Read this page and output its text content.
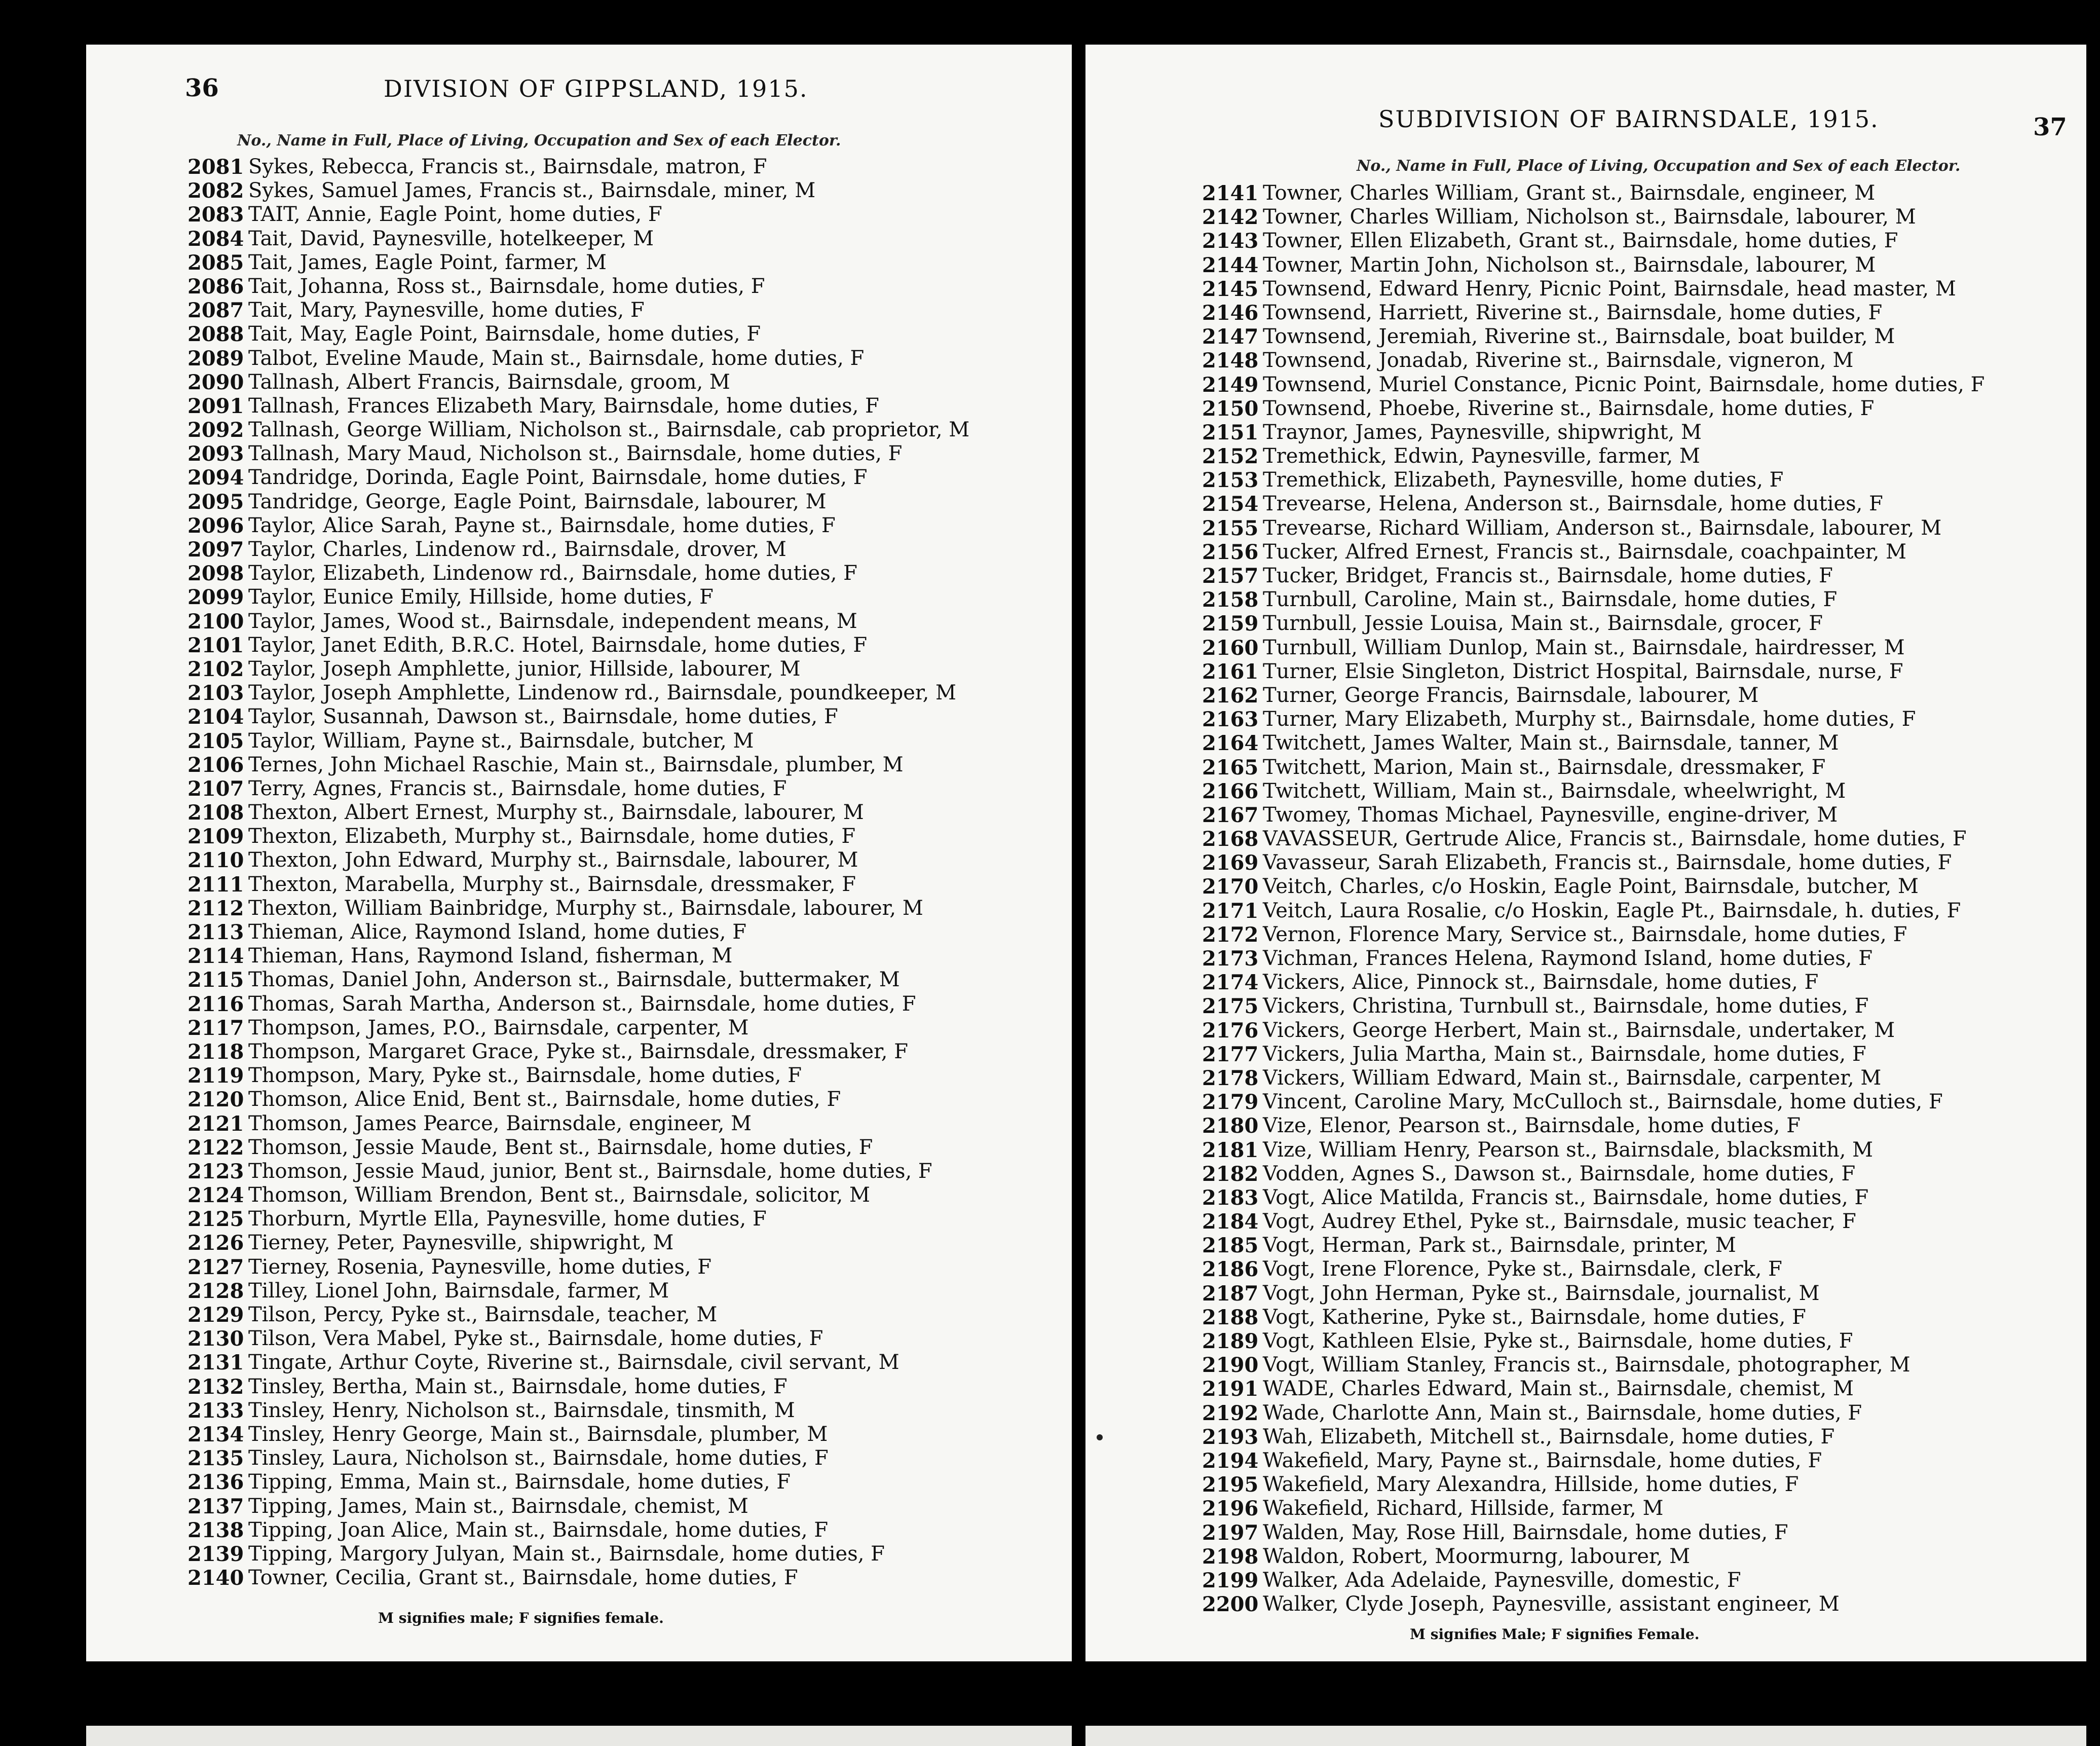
36	DIVISION OF GIPPSLAND, 1915.
No., Name in Full, Place of Living, Occupation and Sex of each Elector.
2081 Sykes, Rebecca, Francis st., Bairnsdale, matron, F
2082 Sykes, Samuel James, Francis st., Bairnsdale, miner, M
2083 TAIT, Annie, Eagle Point, home duties, F
2084 Tait, David, Paynesville, hotelkeeper, M
2085 Tait, James, Eagle Point, farmer, M
2086 Tait, Johanna, Ross st., Bairnsdale, home duties, F
2087 Tait, Mary, Paynesville, home duties, F
2088 Tait, May, Eagle Point, Bairnsdale, home duties, F
2089 Talbot, Eveline Maude, Main st., Bairnsdale, home duties, F
2090 Tallnash, Albert Francis, Bairnsdale, groom, M
2091 Tallnash, Frances Elizabeth Mary, Bairnsdale, home duties, F
2092 Tallnash, George William, Nicholson st., Bairnsdale, cab proprietor, M
2093 Tallnash, Mary Maud, Nicholson st., Bairnsdale, home duties, F
2094 Tandridge, Dorinda, Eagle Point, Bairnsdale, home duties, F
2095 Tandridge, George, Eagle Point, Bairnsdale, labourer, M
2096 Taylor, Alice Sarah, Payne st., Bairnsdale, home duties, F
2097 Taylor, Charles, Lindenow rd., Bairnsdale, drover, M
2098 Taylor, Elizabeth, Lindenow rd., Bairnsdale, home duties, F
2099 Taylor, Eunice Emily, Hillside, home duties, F
2100 Taylor, James, Wood st., Bairnsdale, independent means, M
2101 Taylor, Janet Edith, B.R.C. Hotel, Bairnsdale, home duties, F
2102 Taylor, Joseph Amphlette, junior, Hillside, labourer, M
2103 Taylor, Joseph Amphlette, Lindenow rd., Bairnsdale, poundkeeper, M
2104 Taylor, Susannah, Dawson st., Bairnsdale, home duties, F
2105 Taylor, William, Payne st., Bairnsdale, butcher, M
2106 Ternes, John Michael Raschie, Main st., Bairnsdale, plumber, M
2107 Terry, Agnes, Francis st., Bairnsdale, home duties, F
2108 Thexton, Albert Ernest, Murphy st., Bairnsdale, labourer, M
2109 Thexton, Elizabeth, Murphy st., Bairnsdale, home duties, F
2110 Thexton, John Edward, Murphy st., Bairnsdale, labourer, M
2111 Thexton, Marabella, Murphy st., Bairnsdale, dressmaker, F
2112 Thexton, William Bainbridge, Murphy st., Bairnsdale, labourer, M
2113 Thieman, Alice, Raymond Island, home duties, F
2114 Thieman, Hans, Raymond Island, fisherman, M
2115 Thomas, Daniel John, Anderson st., Bairnsdale, buttermaker, M
2116 Thomas, Sarah Martha, Anderson st., Bairnsdale, home duties, F
2117 Thompson, James, P.O., Bairnsdale, carpenter, M
2118 Thompson, Margaret Grace, Pyke st., Bairnsdale, dressmaker, F
2119 Thompson, Mary, Pyke st., Bairnsdale, home duties, F
2120 Thomson, Alice Enid, Bent st., Bairnsdale, home duties, F
2121 Thomson, James Pearce, Bairnsdale, engineer, M
2122 Thomson, Jessie Maude, Bent st., Bairnsdale, home duties, F
2123 Thomson, Jessie Maud, junior, Bent st., Bairnsdale, home duties, F
2124 Thomson, William Brendon, Bent st., Bairnsdale, solicitor, M
2125 Thorburn, Myrtle Ella, Paynesville, home duties, F
2126 Tierney, Peter, Paynesville, shipwright, M
2127 Tierney, Rosenia, Paynesville, home duties, F
2128 Tilley, Lionel John, Bairnsdale, farmer, M
2129 Tilson, Percy, Pyke st., Bairnsdale, teacher, M
2130 Tilson, Vera Mabel, Pyke st., Bairnsdale, home duties, F
2131 Tingate, Arthur Coyte, Riverine st., Bairnsdale, civil servant, M
2132 Tinsley, Bertha, Main st., Bairnsdale, home duties, F
2133 Tinsley, Henry, Nicholson st., Bairnsdale, tinsmith, M
2134 Tinsley, Henry George, Main st., Bairnsdale, plumber, M
2135 Tinsley, Laura, Nicholson st., Bairnsdale, home duties, F
2136 Tipping, Emma, Main st., Bairnsdale, home duties, F
2137 Tipping, James, Main st., Bairnsdale, chemist, M
2138 Tipping, Joan Alice, Main st., Bairnsdale, home duties, F
2139 Tipping, Margory Julyan, Main st., Bairnsdale, home duties, F
2140 Towner, Cecilia, Grant st., Bairnsdale, home duties, F
M signifies male; F signifies female.
37
SUBDIVISION OF BAIRNSDALE, 1915.
No., Name in Full, Place of Living, Occupation and Sex of each Elector.
2141 Towner, Charles William, Grant st., Bairnsdale, engineer, M
2142 Towner, Charles William, Nicholson st., Bairnsdale, labourer, M
2143 Towner, Ellen Elizabeth, Grant st., Bairnsdale, home duties, F
2144 Towner, Martin John, Nicholson st., Bairnsdale, labourer, M
2145 Townsend, Edward Henry, Picnic Point, Bairnsdale, head master, M
2146 Townsend, Harriett, Riverine st., Bairnsdale, home duties, F
2147 Townsend, Jeremiah, Riverine st., Bairnsdale, boat builder, M
2148 Townsend, Jonadab, Riverine st., Bairnsdale, vigneron, M
2149 Townsend, Muriel Constance, Picnic Point, Bairnsdale, home duties, F
2150 Townsend, Phoebe, Riverine st., Bairnsdale, home duties, F
2151 Traynor, James, Paynesville, shipwright, M
2152 Tremethick, Edwin, Paynesville, farmer, M
2153 Tremethick, Elizabeth, Paynesville, home duties, F
2154 Trevearse, Helena, Anderson st., Bairnsdale, home duties, F
2155 Trevearse, Richard William, Anderson st., Bairnsdale, labourer, M
2156 Tucker, Alfred Ernest, Francis st., Bairnsdale, coachpainter, M
2157 Tucker, Bridget, Francis st., Bairnsdale, home duties, F
2158 Turnbull, Caroline, Main st., Bairnsdale, home duties, F
2159 Turnbull, Jessie Louisa, Main st., Bairnsdale, grocer, F
2160 Turnbull, William Dunlop, Main st., Bairnsdale, hairdresser, M
2161 Turner, Elsie Singleton, District Hospital, Bairnsdale, nurse, F
2162 Turner, George Francis, Bairnsdale, labourer, M
2163 Turner, Mary Elizabeth, Murphy st., Bairnsdale, home duties, F
2164 Twitchett, James Walter, Main st., Bairnsdale, tanner, M
2165 Twitchett, Marion, Main st., Bairnsdale, dressmaker, F
2166 Twitchett, William, Main st., Bairnsdale, wheelwright, M
2167 Twomey, Thomas Michael, Paynesville, engine-driver, M
2168 VAVASSEUR, Gertrude Alice, Francis st., Bairnsdale, home duties, F
2169 Vavasseur, Sarah Elizabeth, Francis st., Bairnsdale, home duties, F
2170 Veitch, Charles, c/o Hoskin, Eagle Point, Bairnsdale, butcher, M
2171 Veitch, Laura Rosalie, c/o Hoskin, Eagle Pt., Bairnsdale, h. duties, F
2172 Vernon, Florence Mary, Service st., Bairnsdale, home duties, F
2173 Vichman, Frances Helena, Raymond Island, home duties, F
2174 Vickers, Alice, Pinnock st., Bairnsdale, home duties, F
2175 Vickers, Christina, Turnbull st., Bairnsdale, home duties, F
2176 Vickers, George Herbert, Main st., Bairnsdale, undertaker, M
2177 Vickers, Julia Martha, Main st., Bairnsdale, home duties, F
2178 Vickers, William Edward, Main st., Bairnsdale, carpenter, M
2179 Vincent, Caroline Mary, McCulloch st., Bairnsdale, home duties, F
2180 Vize, Elenor, Pearson st., Bairnsdale, home duties, F
2181 Vize, William Henry, Pearson st., Bairnsdale, blacksmith, M
2182 Vodden, Agnes S., Dawson st., Bairnsdale, home duties, F
2183 Vogt, Alice Matilda, Francis st., Bairnsdale, home duties, F
2184 Vogt, Audrey Ethel, Pyke st., Bairnsdale, music teacher, F
2185 Vogt, Herman, Park st., Bairnsdale, printer, M
2186 Vogt, Irene Florence, Pyke st., Bairnsdale, clerk, F
2187 Vogt, John Herman, Pyke st., Bairnsdale, journalist, M
2188 Vogt, Katherine, Pyke st., Bairnsdale, home duties, F
2189 Vogt, Kathleen Elsie, Pyke st., Bairnsdale, home duties, F
2190 Vogt, William Stanley, Francis st., Bairnsdale, photographer, M
2191 WADE, Charles Edward, Main st., Bairnsdale, chemist, M
2192 Wade, Charlotte Ann, Main st., Bairnsdale, home duties, F
2193 Wah, Elizabeth, Mitchell st., Bairnsdale, home duties, F
2194 Wakefield, Mary, Payne st., Bairnsdale, home duties, F
2195 Wakefield, Mary Alexandra, Hillside, home duties, F
2196 Wakefield, Richard, Hillside, farmer, M
2197 Walden, May, Rose Hill, Bairnsdale, home duties, F
2198 Waldon, Robert, Moormurng, labourer, M
2199 Walker, Ada Adelaide, Paynesville, domestic, F
2200 Walker, Clyde Joseph, Paynesville, assistant engineer, M
M signifies Male; F signifies Female.
